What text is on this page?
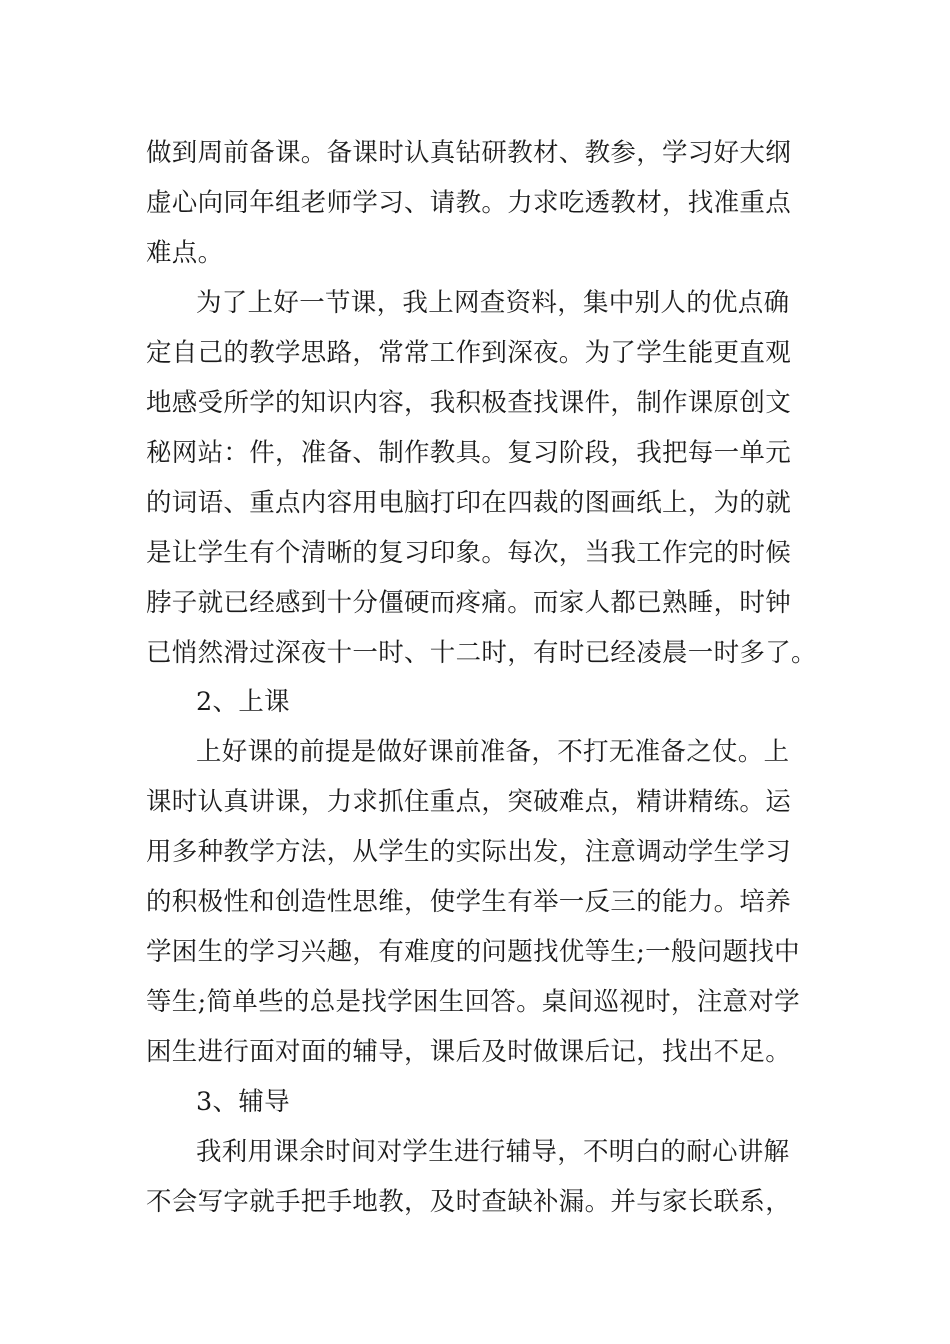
做到周前备课。备课时认真钻研教材、教参，学习好大纲
虚心向同年组老师学习、请教。力求吃透教材，找准重点
难点。
为了上好一节课，我上网查资料，集中别人的优点确
定自己的教学思路，常常工作到深夜。为了学生能更直观
地感受所学的知识内容，我积极查找课件，制作课原创文
秘网站：件，准备、制作教具。复习阶段，我把每一单元
的词语、重点内容用电脑打印在四裁的图画纸上，为的就
是让学生有个清晰的复习印象。每次，当我工作完的时候
脖子就已经感到十分僵硬而疼痛。而家人都已熟睡，时钟
已悄然滑过深夜十一时、十二时，有时已经凌晨一时多了。
2、上课
上好课的前提是做好课前准备，不打无准备之仗。上
课时认真讲课，力求抓住重点，突破难点，精讲精练。运
用多种教学方法，从学生的实际出发，注意调动学生学习
的积极性和创造性思维，使学生有举一反三的能力。培养
学困生的学习兴趣，有难度的问题找优等生;一般问题找中
等生;简单些的总是找学困生回答。桌间巡视时，注意对学
困生进行面对面的辅导，课后及时做课后记，找出不足。
3、辅导
我利用课余时间对学生进行辅导，不明白的耐心讲解
不会写字就手把手地教，及时查缺补漏。并与家长联系，
